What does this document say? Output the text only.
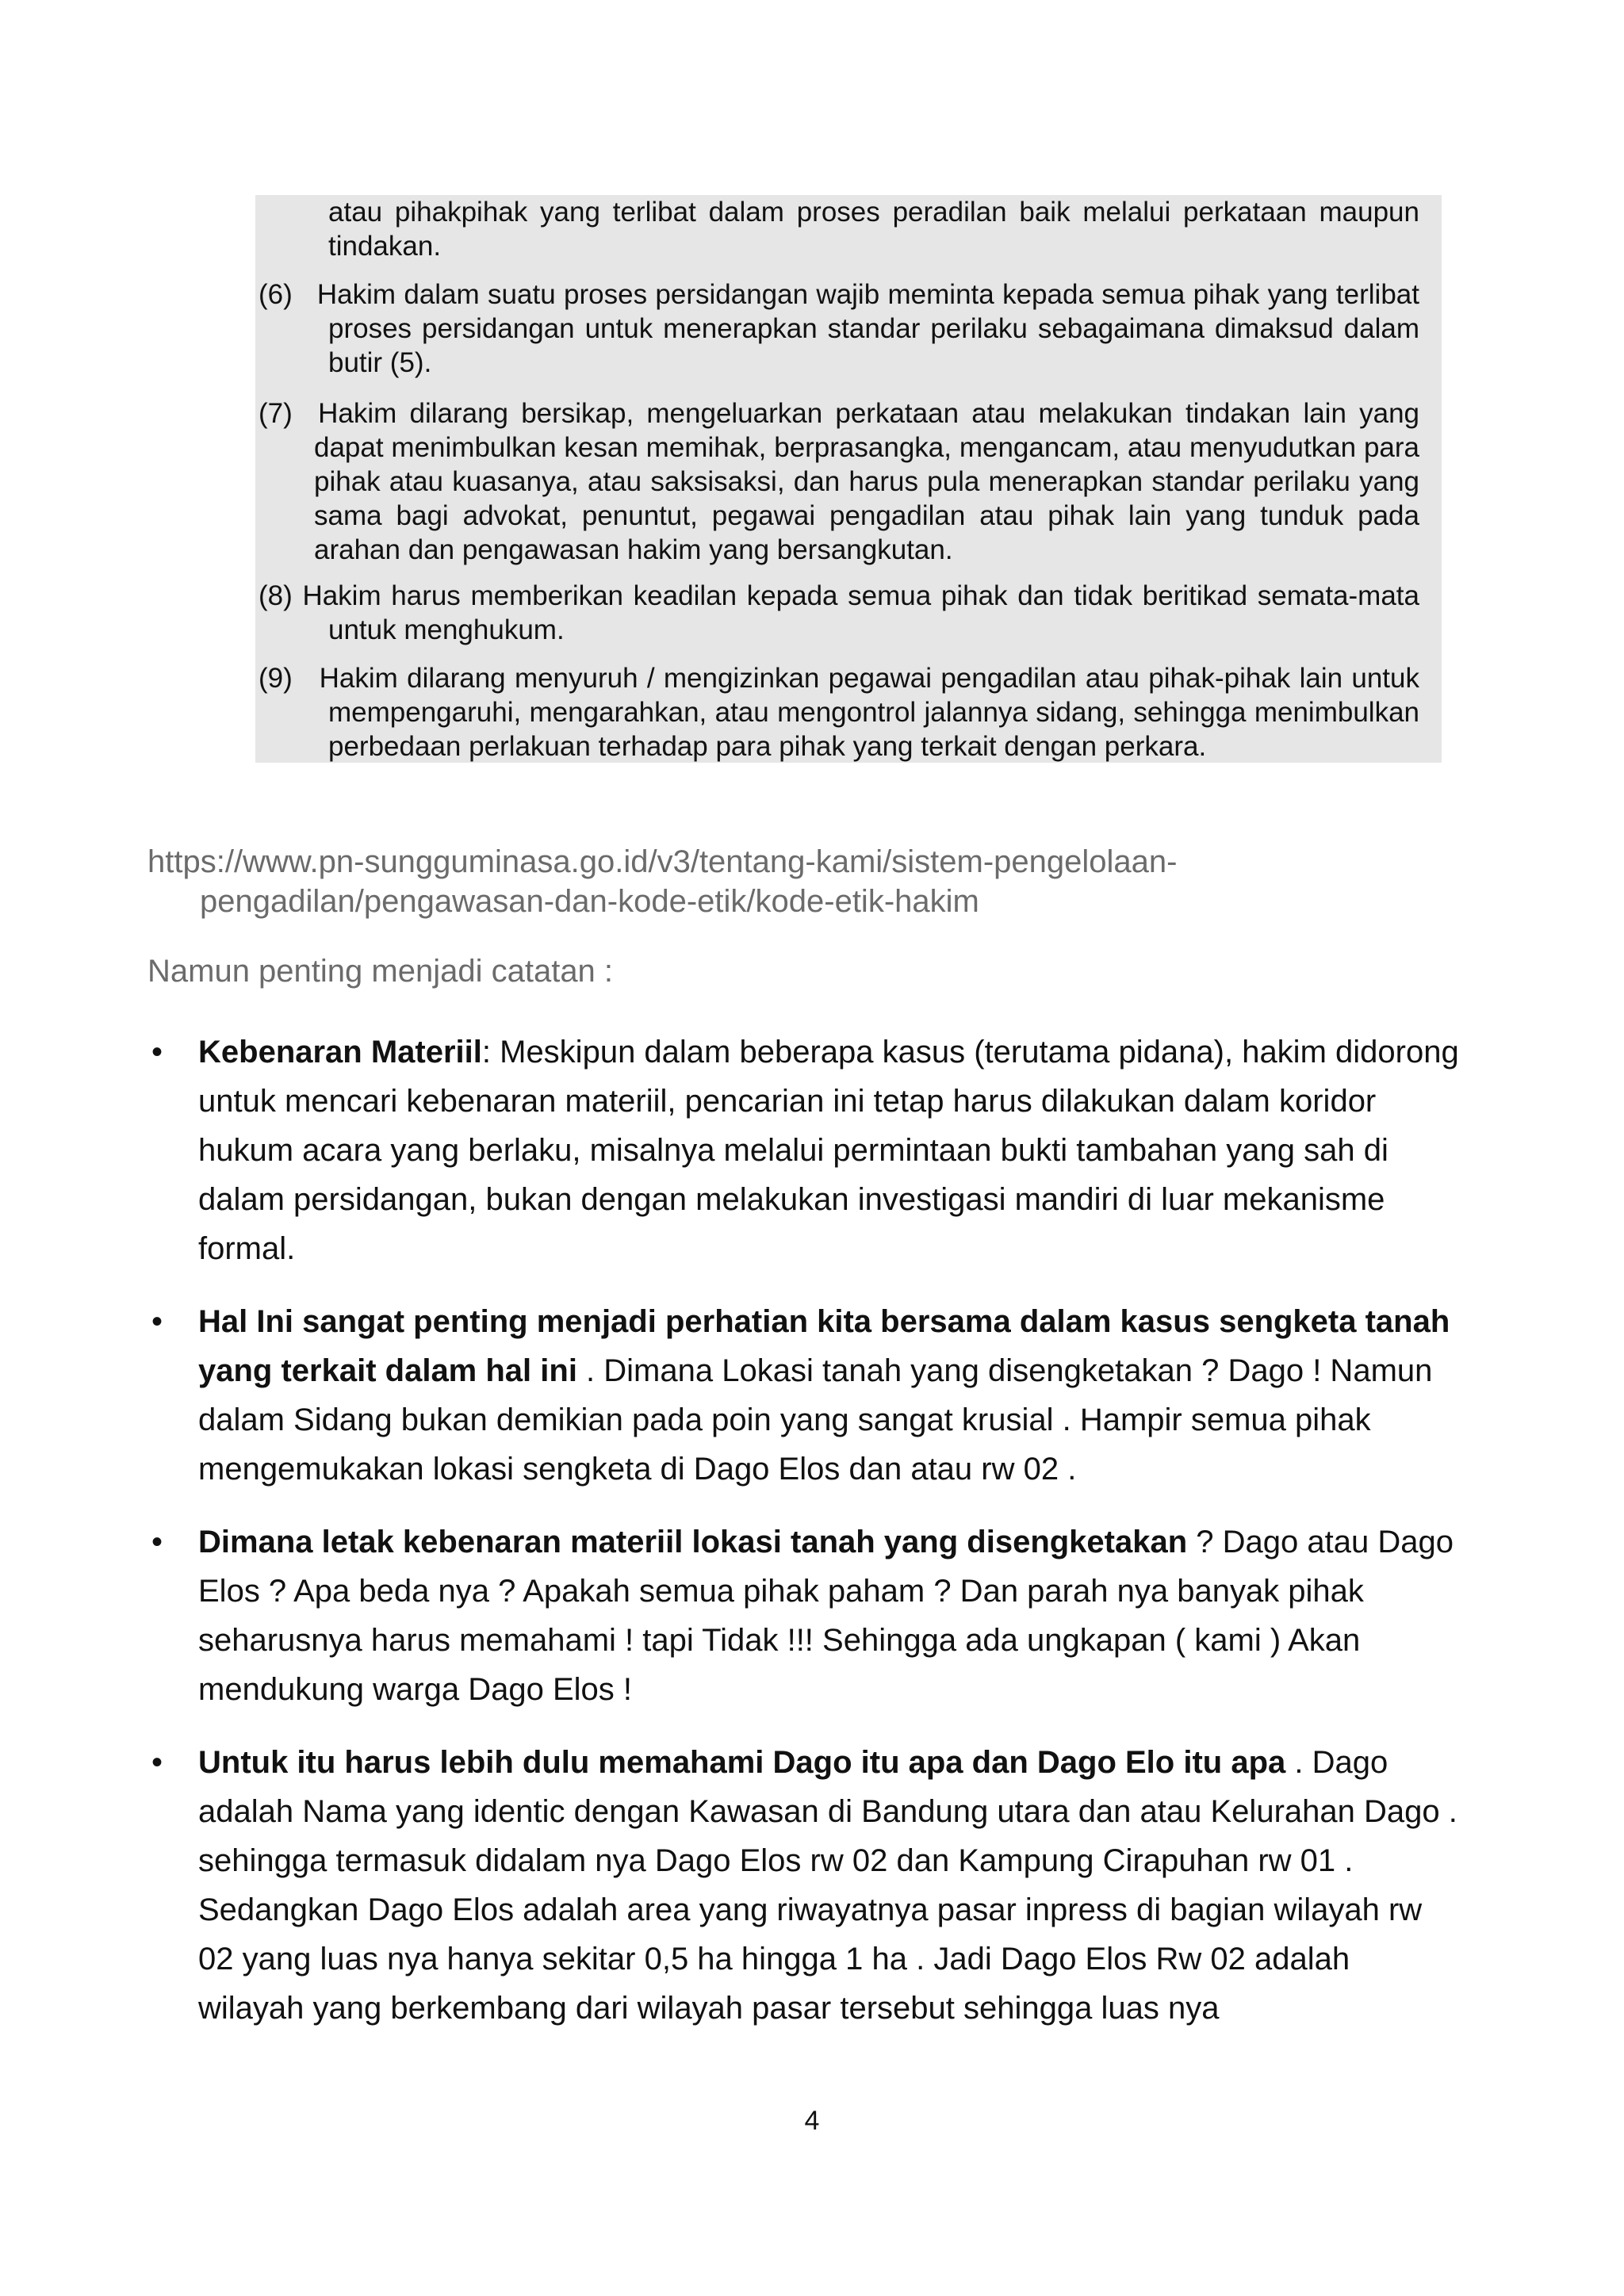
atau pihakpihak yang terlibat dalam proses peradilan baik melalui perkataan maupun tindakan.

(6) Hakim dalam suatu proses persidangan wajib meminta kepada semua pihak yang terlibat proses persidangan untuk menerapkan standar perilaku sebagaimana dimaksud dalam butir (5).

(7) Hakim dilarang bersikap, mengeluarkan perkataan atau melakukan tindakan lain yang dapat menimbulkan kesan memihak, berprasangka, mengancam, atau menyudutkan para pihak atau kuasanya, atau saksisaksi, dan harus pula menerapkan standar perilaku yang sama bagi advokat, penuntut, pegawai pengadilan atau pihak lain yang tunduk pada arahan dan pengawasan hakim yang bersangkutan.

(8) Hakim harus memberikan keadilan kepada semua pihak dan tidak beritikad semata-mata untuk menghukum.

(9) Hakim dilarang menyuruh / mengizinkan pegawai pengadilan atau pihak-pihak lain untuk mempengaruhi, mengarahkan, atau mengontrol jalannya sidang, sehingga menimbulkan perbedaan perlakuan terhadap para pihak yang terkait dengan perkara.

https://www.pn-sungguminasa.go.id/v3/tentang-kami/sistem-pengelolaan-
pengadilan/pengawasan-dan-kode-etik/kode-etik-hakim
Namun penting menjadi catatan :
• Kebenaran Materiil: Meskipun dalam beberapa kasus (terutama pidana), hakim didorong untuk mencari kebenaran materiil, pencarian ini tetap harus dilakukan dalam koridor hukum acara yang berlaku, misalnya melalui permintaan bukti tambahan yang sah di dalam persidangan, bukan dengan melakukan investigasi mandiri di luar mekanisme formal.
• Hal Ini sangat penting menjadi perhatian kita bersama dalam kasus sengketa tanah yang terkait dalam hal ini . Dimana Lokasi tanah yang disengketakan ? Dago ! Namun dalam Sidang bukan demikian pada poin yang sangat krusial . Hampir semua pihak mengemukakan lokasi sengketa di Dago Elos dan atau rw 02 .
• Dimana letak kebenaran materiil lokasi tanah yang disengketakan ? Dago atau Dago Elos ? Apa beda nya ? Apakah semua pihak paham ? Dan parah nya banyak pihak seharusnya harus memahami ! tapi Tidak !!! Sehingga ada ungkapan ( kami ) Akan mendukung warga Dago Elos !
• Untuk itu harus lebih dulu memahami Dago itu apa dan Dago Elo itu apa . Dago adalah Nama yang identic dengan Kawasan di Bandung utara dan atau Kelurahan Dago . sehingga termasuk didalam nya Dago Elos rw 02 dan Kampung Cirapuhan rw 01 . Sedangkan Dago Elos adalah area yang riwayatnya pasar inpress di bagian wilayah rw 02 yang luas nya hanya sekitar 0,5 ha hingga 1 ha . Jadi Dago Elos Rw 02 adalah wilayah yang berkembang dari wilayah pasar tersebut sehingga luas nya
4
